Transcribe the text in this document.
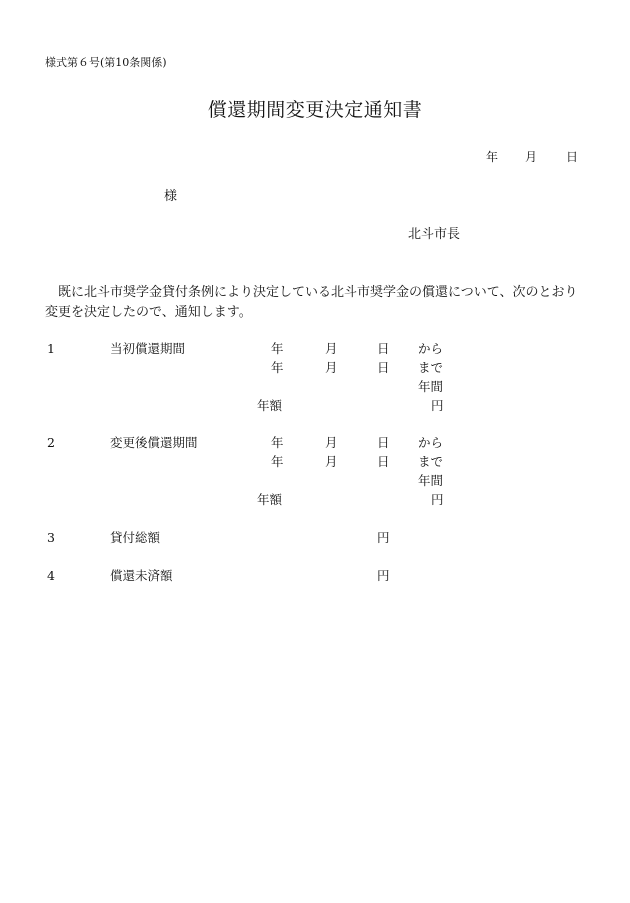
様式第６号(第10条関係)
償還期間変更決定通知書
年 月 日
様
北斗市長
既に北斗市奨学金貸付条例により決定している北斗市奨学金の償還について、次のとおり変更を決定したので、通知します。
1	当初償還期間	年	月	日 から
年	月	日 まで
年間
年額	円
2	変更後償還期間	年	月	日 から
年	月	日 まで
年間
年額	円
3	貸付総額	円
4	償還未済額	円
